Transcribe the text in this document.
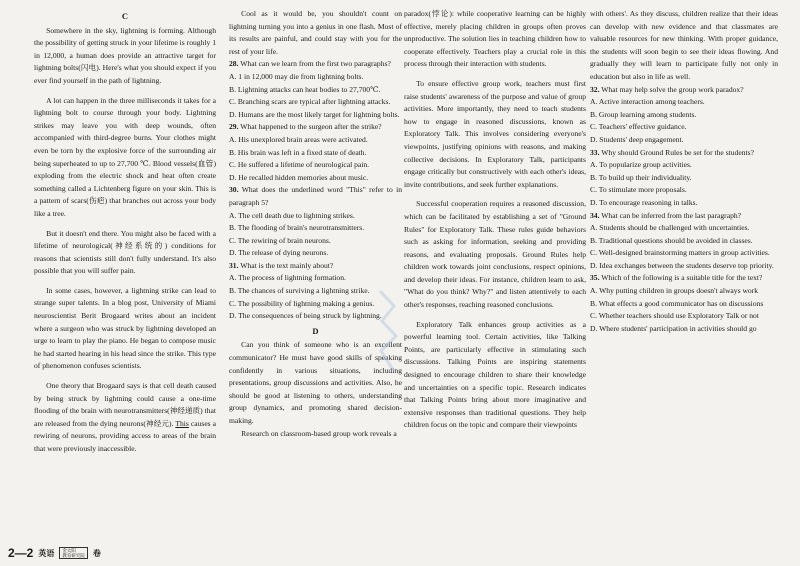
C

Somewhere in the sky, lightning is forming. Although the possibility of getting struck in your lifetime is roughly 1 in 12,000, a human does provide an attractive target for lightning bolts(闪电). Here's what you should expect if you ever find yourself in the path of lightning.

A lot can happen in the three milliseconds it takes for a lightning bolt to course through your body. Lightning strikes may leave you with deep wounds, often accompanied with third-degree burns. Your clothes might even be torn by the explosive force of the surrounding air being superheated to up to 27,700 ℃. Blood vessels(血管) exploding from the electric shock and heat often create something called a Lichtenberg figure on your skin. This is a pattern of scars(伤疤) that branches out across your body like a tree.

But it doesn't end there. You might also be faced with a lifetime of neurological(神经系统的) conditions for reasons that scientists still don't fully understand. It's also possible that you will suffer pain.

In some cases, however, a lightning strike can lead to strange super talents. In a blog post, University of Miami neuroscientist Berit Brogaard writes about an incident where a surgeon who was struck by lightning developed an urge to learn to play the piano. He began to compose music he had started hearing in his head since the strike. This type of phenomenon confuses scientists.

One theory that Brogaard says is that cell death caused by being struck by lightning could cause a one-time flooding of the brain with neurotransmitters(神经递质) that are released from the dying neurons(神经元). This causes a rewiring of neurons, providing access to areas of the brain that were previously inaccessible.

Cool as it would be, you shouldn't count on lightning turning you into a genius in one flash. Most of its results are painful, and could stay with you for the rest of your life.

28. What can we learn from the first two paragraphs?

A. 1 in 12,000 may die from lightning bolts.

B. Lightning attacks can heat bodies to 27,700℃.

C. Branching scars are typical after lightning attacks.

D. Humans are the most likely target for lightning bolts.

29. What happened to the surgeon after the strike?

A. His unexplored brain areas were activated.

B. His brain was left in a fixed state of death.

C. He suffered a lifetime of neurological pain.

D. He recalled hidden memories about music.

30. What does the underlined word "This" refer to in paragraph 5?

A. The cell death due to lightning strikes.

B. The flooding of brain's neurotransmitters.

C. The rewiring of brain neurons.

D. The release of dying neurons.

31. What is the text mainly about?

A. The process of lightning formation.

B. The chances of surviving a lightning strike.

C. The possibility of lightning making a genius.

D. The consequences of being struck by lightning.

D

Can you think of someone who is an excellent communicator? He must have good skills of speaking confidently in various situations, including presentations, group discussions and activities. Also, he should be good at listening to others, understanding group dynamics, and promoting shared decision-making.

Research on classroom-based group work reveals a

paradox(悖论): while cooperative learning can be highly effective, merely placing children in groups often proves unproductive. The solution lies in teaching children how to cooperate effectively. Teachers play a crucial role in this process through their interaction with students.

To ensure effective group work, teachers must first raise students' awareness of the purpose and value of group activities. More importantly, they need to teach students how to engage in reasoned discussions, known as Exploratory Talk. This involves considering everyone's viewpoints, justifying opinions with reasons, and making collective decisions. In Exploratory Talk, participants engage critically but constructively with each other's ideas, invite contributions, and seek further explanations.

Successful cooperation requires a reasoned discussion, which can be facilitated by establishing a set of "Ground Rules" for Exploratory Talk. These rules guide behaviors such as asking for information, seeking and providing reasons, and evaluating proposals. Ground Rules help children work towards joint conclusions, respect opinions, and develop their ideas. For instance, children learn to ask, "What do you think? Why?" and listen attentively to each other's responses, reaching reasoned conclusions.

Exploratory Talk enhances group activities as a powerful learning tool. Certain activities, like Talking Points, are particularly effective in stimulating such discussions. Talking Points are inspiring statements designed to encourage children to share their knowledge and uncertainties on a specific topic. Research indicates that Talking Points bring about more imaginative and extensive responses than traditional questions. They help children focus on the topic and compare their viewpoints

with others'. As they discuss, children realize that their ideas can develop with new evidence and that classmates are valuable resources for new thinking. With proper guidance, the students will soon begin to see their ideas flowing. And gradually they will learn to participate fully not only in education but also in life as well.

32. What may help solve the group work paradox?

A. Active interaction among teachers.

B. Group learning among students.

C. Teachers' effective guidance.

D. Students' deep engagement.

33. Why should Ground Rules be set for the students?

A. To popularize group activities.

B. To build up their individuality.

C. To stimulate more proposals.

D. To encourage reasoning in talks.

34. What can be inferred from the last paragraph?

A. Students should be challenged with uncertainties.

B. Traditional questions should be avoided in classes.

C. Well-designed brainstorming matters in group activities.

D. Idea exchanges between the students deserve top priority.

35. Which of the following is a suitable title for the text?

A. Why putting children in groups doesn't always work

B. What effects a good communicator has on discussions

C. Whether teachers should use Exploratory Talk or not

D. Where students' participation in activities should go

2—2 英语	金太阳
教育研究院	卷
